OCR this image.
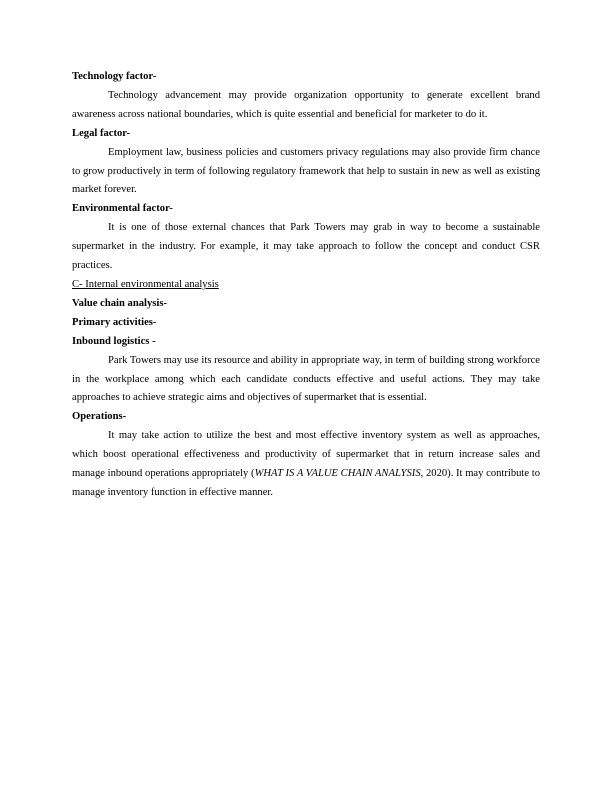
Technology factor-

Technology advancement may provide organization opportunity to generate excellent brand awareness across national boundaries, which is quite essential and beneficial for marketer to do it.

Legal factor-

Employment law, business policies and customers privacy regulations may also provide firm chance to grow productively in term of following regulatory framework that help to sustain in new as well as existing market forever.

Environmental factor-

It is one of those external chances that Park Towers may grab in way to become a sustainable supermarket in the industry. For example, it may take approach to follow the concept and conduct CSR practices.

C- Internal environmental analysis

Value chain analysis-

Primary activities-

Inbound logistics -

Park Towers may use its resource and ability in appropriate way, in term of building strong workforce in the workplace among which each candidate conducts effective and useful actions. They may take approaches to achieve strategic aims and objectives of supermarket that is essential.

Operations-

It may take action to utilize the best and most effective inventory system as well as approaches, which boost operational effectiveness and productivity of supermarket that in return increase sales and manage inbound operations appropriately (WHAT IS A VALUE CHAIN ANALYSIS, 2020). It may contribute to manage inventory function in effective manner.
